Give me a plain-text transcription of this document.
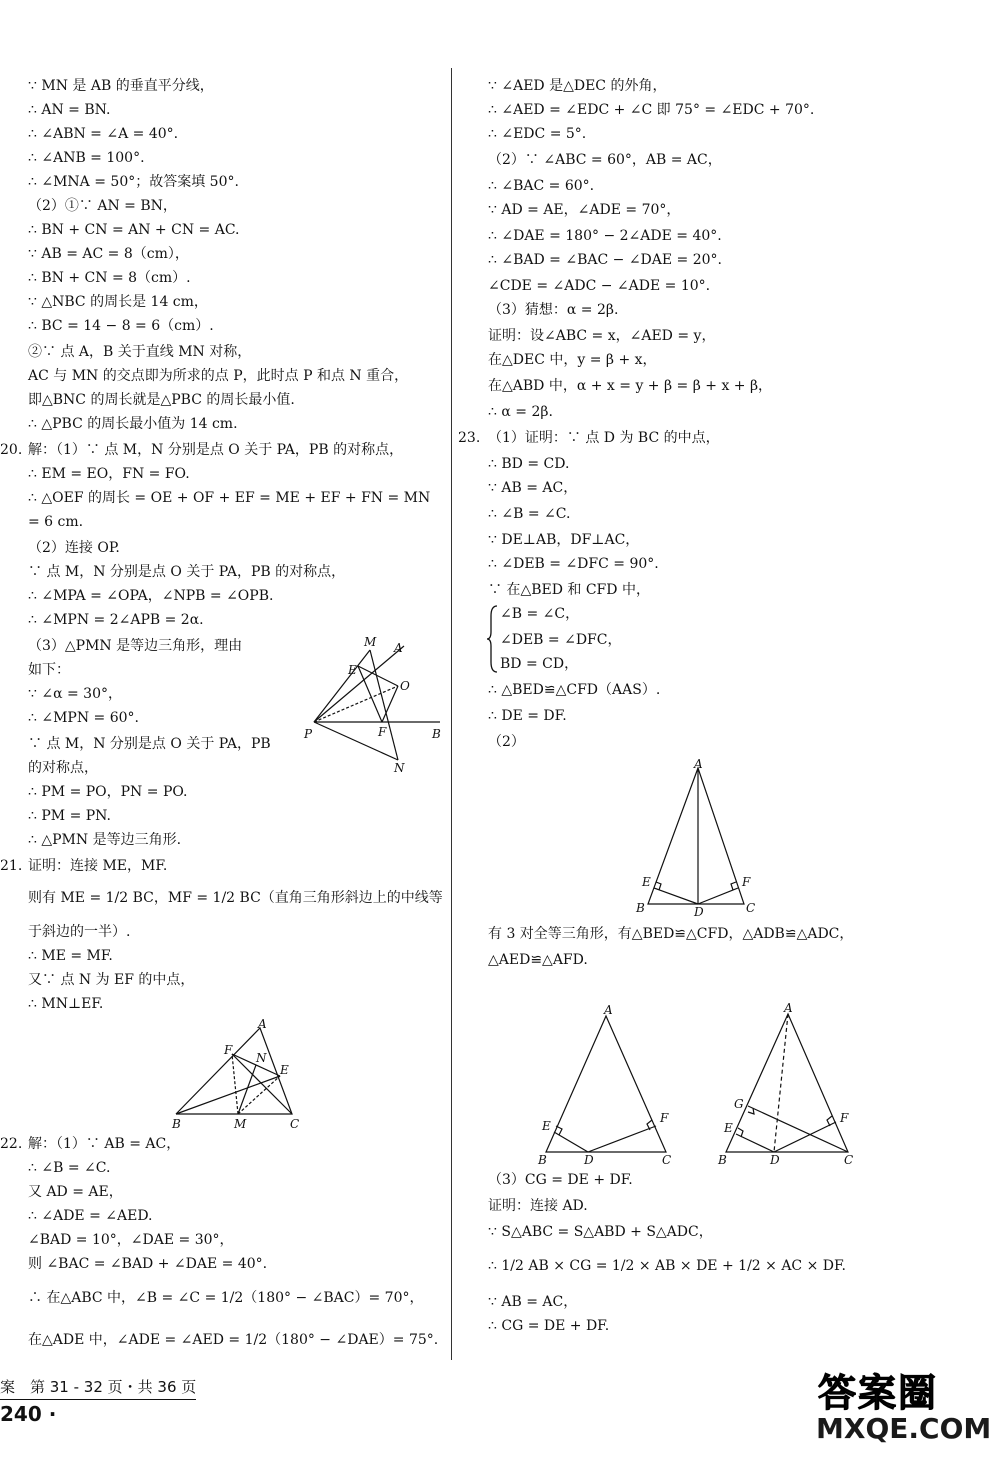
∵ MN 是 AB 的垂直平分线，
∴ AN = BN.
∴ ∠ABN = ∠A = 40°.
∴ ∠ANB = 100°.
∴ ∠MNA = 50°；故答案填 50°.
（2）①∵ AN = BN，
∴ BN + CN = AN + CN = AC.
∵ AB = AC = 8（cm），
∴ BN + CN = 8（cm）.
∵ △NBC 的周长是 14 cm，
∴ BC = 14 − 8 = 6（cm）.
②∵ 点 A，B 关于直线 MN 对称，
AC 与 MN 的交点即为所求的点 P，此时点 P 和点 N 重合，
即△BNC 的周长就是△PBC 的周长最小值.
∴ △PBC 的周长最小值为 14 cm.
20. 解：（1）∵ 点 M，N 分别是点 O 关于 PA，PB 的对称点，
∴ EM = EO，FN = FO.
∴ △OEF 的周长 = OE + OF + EF = ME + EF + FN = MN
= 6 cm.
（2）连接 OP.
∵ 点 M，N 分别是点 O 关于 PA，PB 的对称点，
∴ ∠MPA = ∠OPA，∠NPB = ∠OPB.
∴ ∠MPN = 2∠APB = 2α.
（3）△PMN 是等边三角形，理由
如下：
∵ ∠α = 30°，
∴ ∠MPN = 60°.
∵ 点 M，N 分别是点 O 关于 PA，PB
的对称点，
∴ PM = PO，PN = PO.
∴ PM = PN.
∴ △PMN 是等边三角形.
21. 证明：连接 ME，MF.
则有 ME = 1/2 BC，MF = 1/2 BC（直角三角形斜边上的中线等
于斜边的一半）.
∴ ME = MF.
又∵ 点 N 为 EF 的中点，
∴ MN⊥EF.
22. 解：（1）∵ AB = AC，
∴ ∠B = ∠C.
又 AD = AE，
∴ ∠ADE = ∠AED.
∠BAD = 10°，∠DAE = 30°，
则 ∠BAC = ∠BAD + ∠DAE = 40°.
∴ 在△ABC 中，∠B = ∠C = 1/2（180° − ∠BAC）= 70°，
在△ADE 中，∠ADE = ∠AED = 1/2（180° − ∠DAE）= 75°.
∵ ∠AED 是△DEC 的外角，
∴ ∠AED = ∠EDC + ∠C 即 75° = ∠EDC + 70°.
∴ ∠EDC = 5°.
（2）∵ ∠ABC = 60°，AB = AC，
∴ ∠BAC = 60°.
∵ AD = AE，∠ADE = 70°，
∴ ∠DAE = 180° − 2∠ADE = 40°.
∴ ∠BAD = ∠BAC − ∠DAE = 20°.
∠CDE = ∠ADC − ∠ADE = 10°.
（3）猜想：α = 2β.
证明：设∠ABC = x，∠AED = y，
在△DEC 中，y = β + x，
在△ABD 中，α + x = y + β = β + x + β，
∴ α = 2β.
23. （1）证明：∵ 点 D 为 BC 的中点，
∴ BD = CD.
∵ AB = AC，
∴ ∠B = ∠C.
∵ DE⊥AB，DF⊥AC，
∴ ∠DEB = ∠DFC = 90°.
∵ 在△BED 和 CFD 中，
∠B = ∠C，
∠DEB = ∠DFC，
BD = CD，
∴ △BED≌△CFD（AAS）.
∴ DE = DF.
（2）
有 3 对全等三角形，有△BED≌△CFD，△ADB≌△ADC，
△AED≌△AFD.
（3）CG = DE + DF.
证明：连接 AD.
∵ S△ABC = S△ABD + S△ADC，
∴ 1/2 AB × CG = 1/2 × AB × DE + 1/2 × AC × DF.
∵ AB = AC，
∴ CG = DE + DF.
M A
E
O
P	F	B
N
A
F
N
E
B	M	C
A
E	F
B	D	C
A
E
F
B	D	C
A
G
F
E
B	D	C
案　第 31 - 32 页・共 36 页
240 ·	答案圈
MXQE.COM
